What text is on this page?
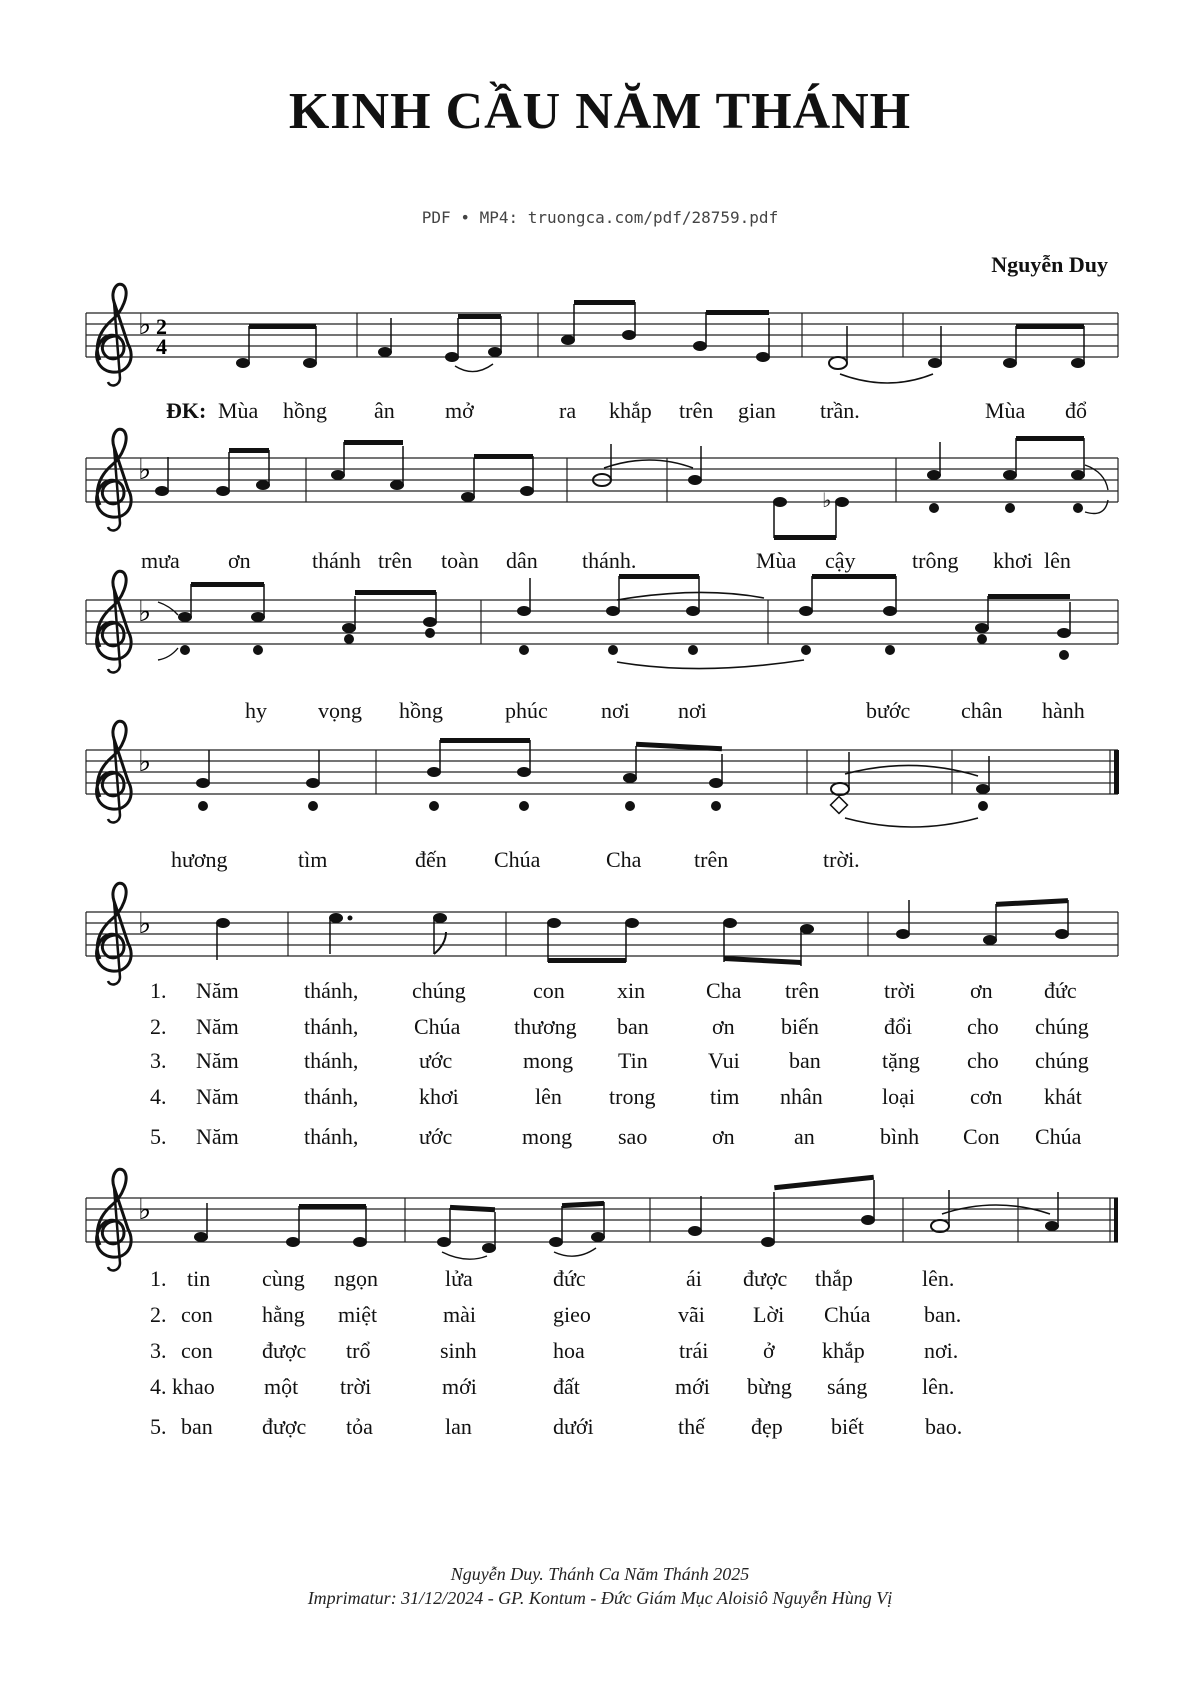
KINH CẦU NĂM THÁNH
PDF • MP4: truongca.com/pdf/28759.pdf
Nguyễn Duy
♭ 2
4
♭
♭
♭
♭
♭
♭
ĐK: Mùa hồng ân mở	ra khắp trên gian trần.	Mùa đổ
mưa ơn	thánh trên toàn dân thánh.	Mùa cậy	trông khơi lên
hy vọng hồng	phúc nơi nơi	bước chân hành
hương	tìm	đến Chúa	Cha trên	trời.
1. Năm	thánh, chúng	con xin	Cha trên	trời ơn đức
2. Năm	thánh,	Chúa thương ban	ơn biến	đổi cho chúng
3. Năm	thánh,	ước	mong Tin	Vui ban	tặng cho chúng
4. Năm	thánh,	khơi	lên trong tim nhân	loại	cơn khát
5. Năm	thánh,	ước	mong sao	ơn	an	bình Con Chúa
1. tin cùng ngọn	lửa	đức	ái được thắp	lên.
2. con hằng miệt	mài	gieo	vãi Lời Chúa ban.
3. con được trổ	sinh	hoa	trái ở khắp	nơi.
4. khao một trời	mới	đất	mới bừng sáng lên.
5. ban được tỏa	lan	dưới	thế đẹp biết	bao.
Nguyễn Duy. Thánh Ca Năm Thánh 2025
Imprimatur: 31/12/2024 - GP. Kontum - Đức Giám Mục Aloisiô Nguyễn Hùng Vị
